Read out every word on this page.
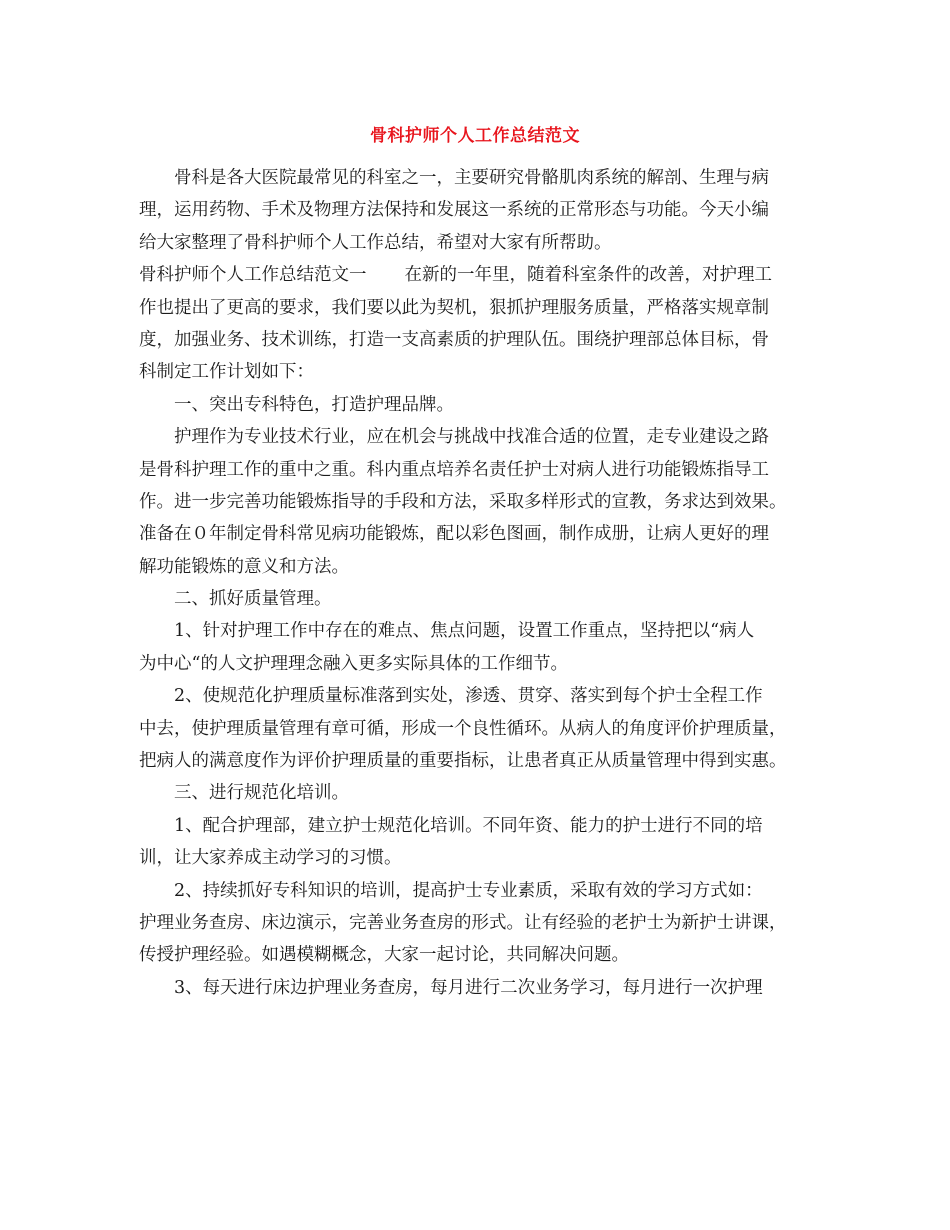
骨科护师个人工作总结范文
骨科是各大医院最常见的科室之一，主要研究骨骼肌肉系统的解剖、生理与病
理，运用药物、手术及物理方法保持和发展这一系统的正常形态与功能。今天小编
给大家整理了骨科护师个人工作总结，希望对大家有所帮助。
骨科护师个人工作总结范文一 在新的一年里，随着科室条件的改善，对护理工
作也提出了更高的要求，我们要以此为契机，狠抓护理服务质量，严格落实规章制
度，加强业务、技术训练，打造一支高素质的护理队伍。围绕护理部总体目标，骨
科制定工作计划如下：
一、突出专科特色，打造护理品牌。
护理作为专业技术行业，应在机会与挑战中找准合适的位置，走专业建设之路
是骨科护理工作的重中之重。科内重点培养名责任护士对病人进行功能锻炼指导工
作。进一步完善功能锻炼指导的手段和方法，采取多样形式的宣教，务求达到效果。
准备在０年制定骨科常见病功能锻炼，配以彩色图画，制作成册，让病人更好的理
解功能锻炼的意义和方法。
二、抓好质量管理。
1、针对护理工作中存在的难点、焦点问题，设置工作重点，坚持把以“病人
为中心“的人文护理理念融入更多实际具体的工作细节。
2、使规范化护理质量标准落到实处，渗透、贯穿、落实到每个护士全程工作
中去，使护理质量管理有章可循，形成一个良性循环。从病人的角度评价护理质量，
把病人的满意度作为评价护理质量的重要指标，让患者真正从质量管理中得到实惠。
三、进行规范化培训。
1、配合护理部，建立护士规范化培训。不同年资、能力的护士进行不同的培
训，让大家养成主动学习的习惯。
2、持续抓好专科知识的培训，提高护士专业素质，采取有效的学习方式如：
护理业务查房、床边演示，完善业务查房的形式。让有经验的老护士为新护士讲课，
传授护理经验。如遇模糊概念，大家一起讨论，共同解决问题。
3、每天进行床边护理业务查房，每月进行二次业务学习，每月进行一次护理
